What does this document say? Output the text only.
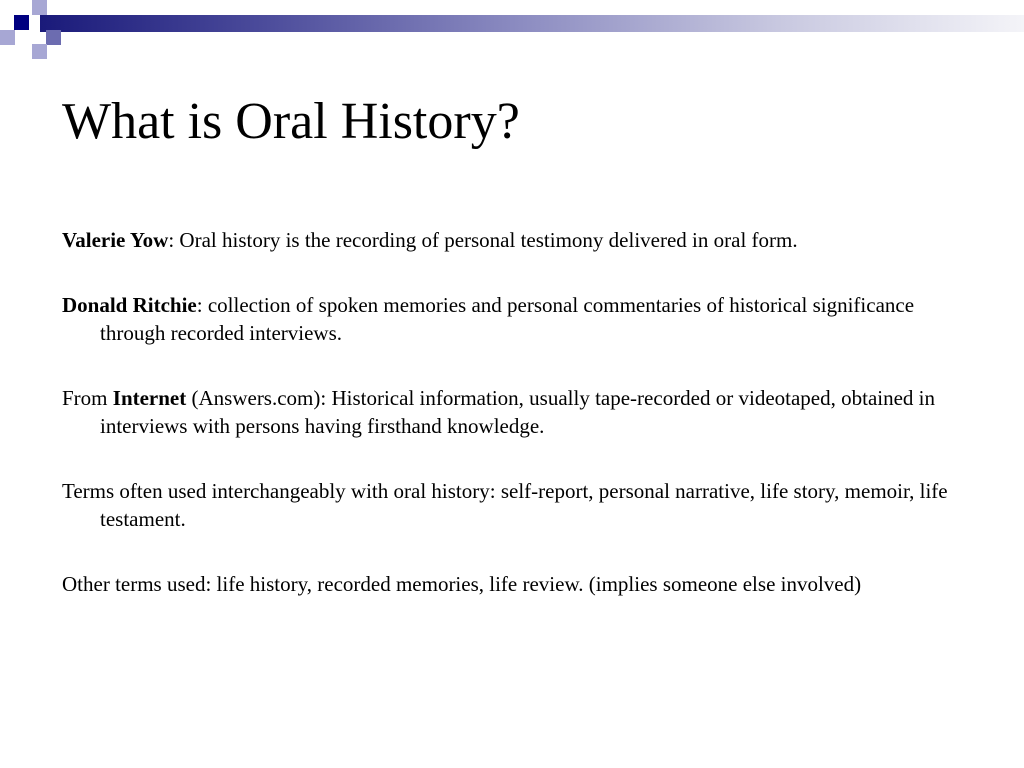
What is Oral History?

Valerie Yow: Oral history is the recording of personal testimony delivered in oral form.

Donald Ritchie: collection of spoken memories and personal commentaries of historical significance through recorded interviews.

From Internet (Answers.com): Historical information, usually tape-recorded or videotaped, obtained in interviews with persons having firsthand knowledge.

Terms often used interchangeably with oral history: self-report, personal narrative, life story, memoir, life testament.

Other terms used: life history, recorded memories, life review. (implies someone else involved)
